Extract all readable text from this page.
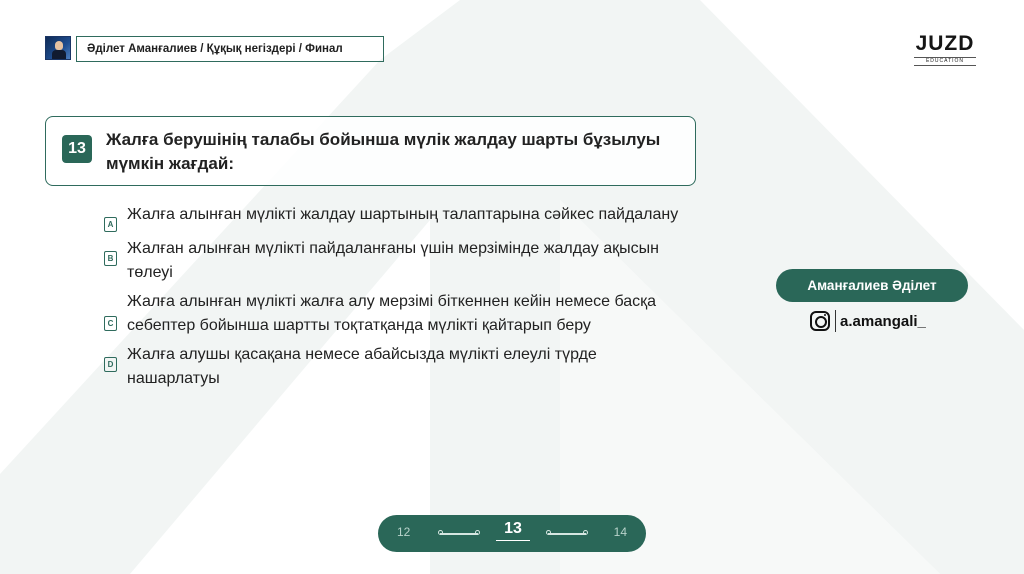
Әділет Аманғалиев / Құқық негіздері / Финал	JUZD
EDUCATION
13	Жалға берушінің талабы бойынша мүлік жалдау шарты бұзылуы мүмкін жағдай:
A
Жалға алынған мүлікті жалдау шартының талаптарына сәйкес пайдалану
B
Жалған алынған мүлікті пайдаланғаны үшін мерзімінде жалдау ақысын төлеуі
C
Жалға алынған мүлікті жалға алу мерзімі біткеннен кейін немесе басқа себептер бойынша шартты тоқтатқанда мүлікті қайтарып беру
D
Жалға алушы қасақана немесе абайсызда мүлікті елеулі түрде нашарлатуы
Аманғалиев Әділет
a.amangali_
12	13	14
